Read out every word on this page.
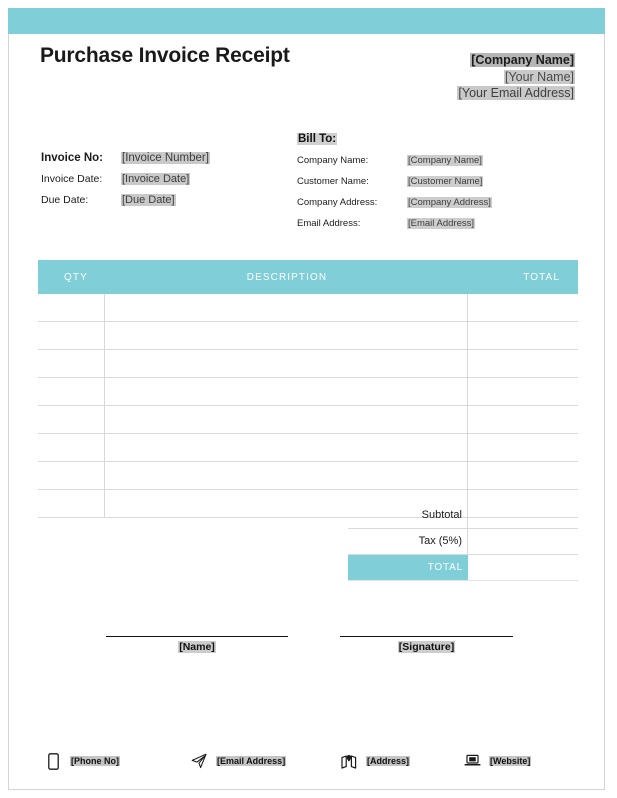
Purchase Invoice Receipt	[Company Name]
[Your Name]
[Your Email Address]
Invoice No:	[Invoice Number]
Invoice Date:	[Invoice Date]
Due Date:	[Due Date]
Bill To:
Company Name:	[Company Name]
Customer Name:	[Customer Name]
Company Address:	[Company Address]
Email Address:	[Email Address]
QTY	DESCRIPTION	TOTAL
Subtotal
Tax (5%)
TOTAL
[Name]	[Signature]
[Phone No]	[Email Address]	[Address]	[Website]
